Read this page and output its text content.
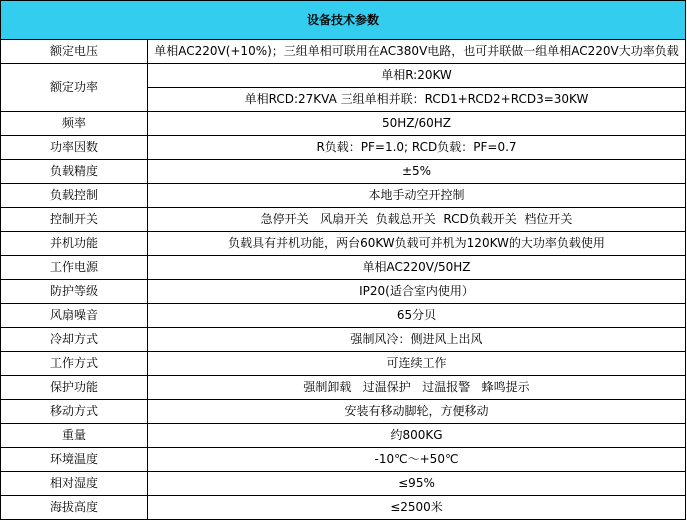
设备技术参数	
额定电压	单相AC220V(+10%)；三组单相可联用在AC380V电路，也可并联做一组单相AC220V大功率负载
额定功率	单相R:20KW
	单相RCD:27KVA 三组单相并联：RCD1+RCD2+RCD3=30KW
频率	50HZ/60HZ
功率因数	R负载：PF=1.0; RCD负载：PF=0.7
负载精度	±5%
负载控制	本地手动空开控制
控制开关	急停开关   风扇开关  负载总开关  RCD负载开关  档位开关
并机功能	负载具有并机功能，两台60KW负载可并机为120KW的大功率负载使用
工作电源	单相AC220V/50HZ
防护等级	IP20(适合室内使用）
风扇噪音	65分贝
冷却方式	强制风冷：侧进风上出风
工作方式	可连续工作
保护功能	强制卸载   过温保护   过温报警   蜂鸣提示
移动方式	安装有移动脚轮，方便移动
重量	约800KG
环境温度	-10℃～+50℃
相对湿度	≤95%
海拔高度	≤2500米
